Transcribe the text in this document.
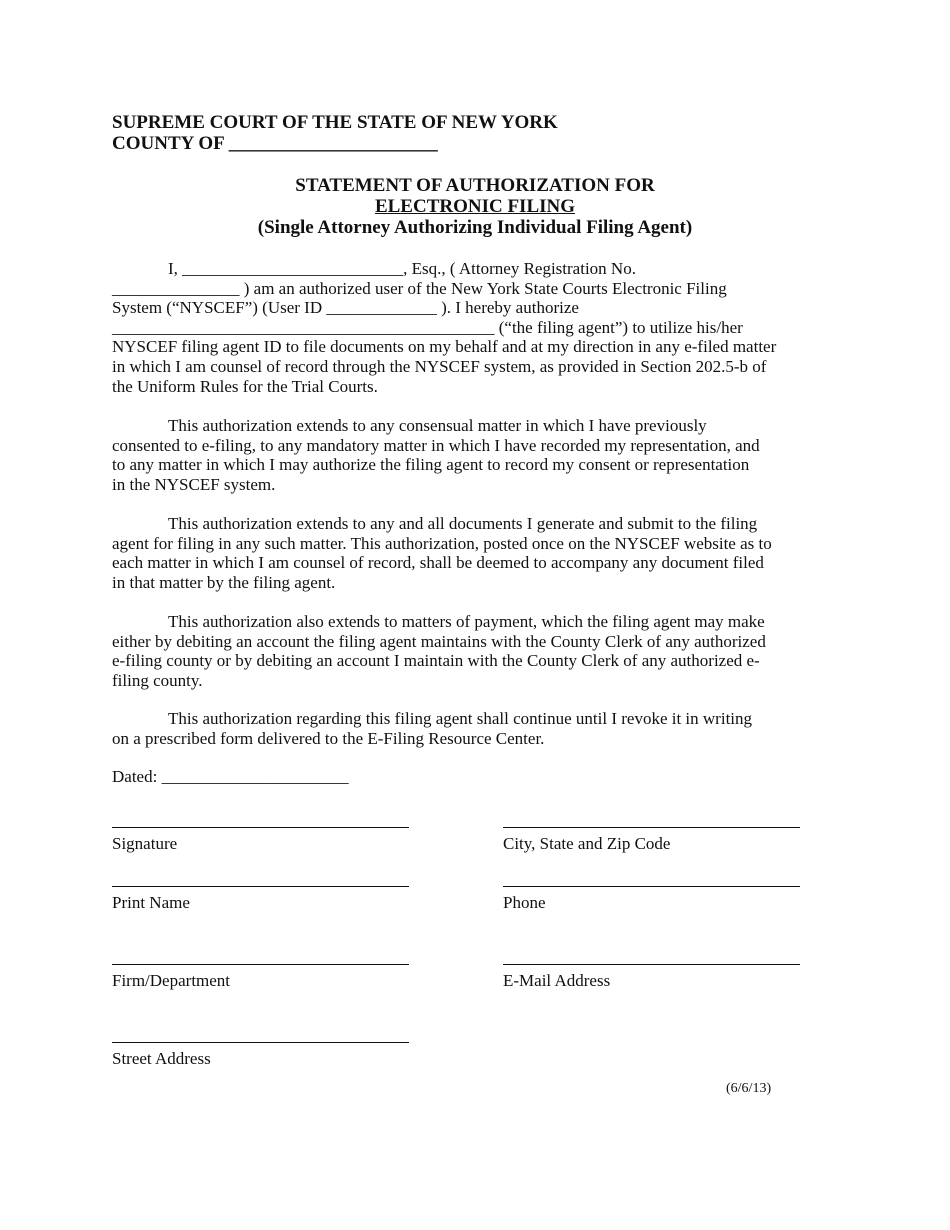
SUPREME COURT OF THE STATE OF NEW YORK
COUNTY OF ______________________
STATEMENT OF AUTHORIZATION FOR
ELECTRONIC FILING
(Single Attorney Authorizing Individual Filing Agent)
I, __________________________, Esq., ( Attorney Registration No.
_______________ ) am an authorized user of the New York State Courts Electronic Filing
System (“NYSCEF”) (User ID _____________ ). I hereby authorize
_____________________________________________ (“the filing agent”) to utilize his/her
NYSCEF filing agent ID to file documents on my behalf and at my direction in any e-filed matter
in which I am counsel of record through the NYSCEF system, as provided in Section 202.5-b of
the Uniform Rules for the Trial Courts.
This authorization extends to any consensual matter in which I have previously
consented to e-filing, to any mandatory matter in which I have recorded my representation, and
to any matter in which I may authorize the filing agent to record my consent or representation
in the NYSCEF system.
This authorization extends to any and all documents I generate and submit to the filing
agent for filing in any such matter. This authorization, posted once on the NYSCEF website as to
each matter in which I am counsel of record, shall be deemed to accompany any document filed
in that matter by the filing agent.
This authorization also extends to matters of payment, which the filing agent may make
either by debiting an account the filing agent maintains with the County Clerk of any authorized
e-filing county or by debiting an account I maintain with the County Clerk of any authorized e-
filing county.
This authorization regarding this filing agent shall continue until I revoke it in writing
on a prescribed form delivered to the E-Filing Resource Center.
Dated: ______________________
Signature
Print Name
Firm/Department
Street Address
City, State and Zip Code
Phone
E-Mail Address
(6/6/13)
